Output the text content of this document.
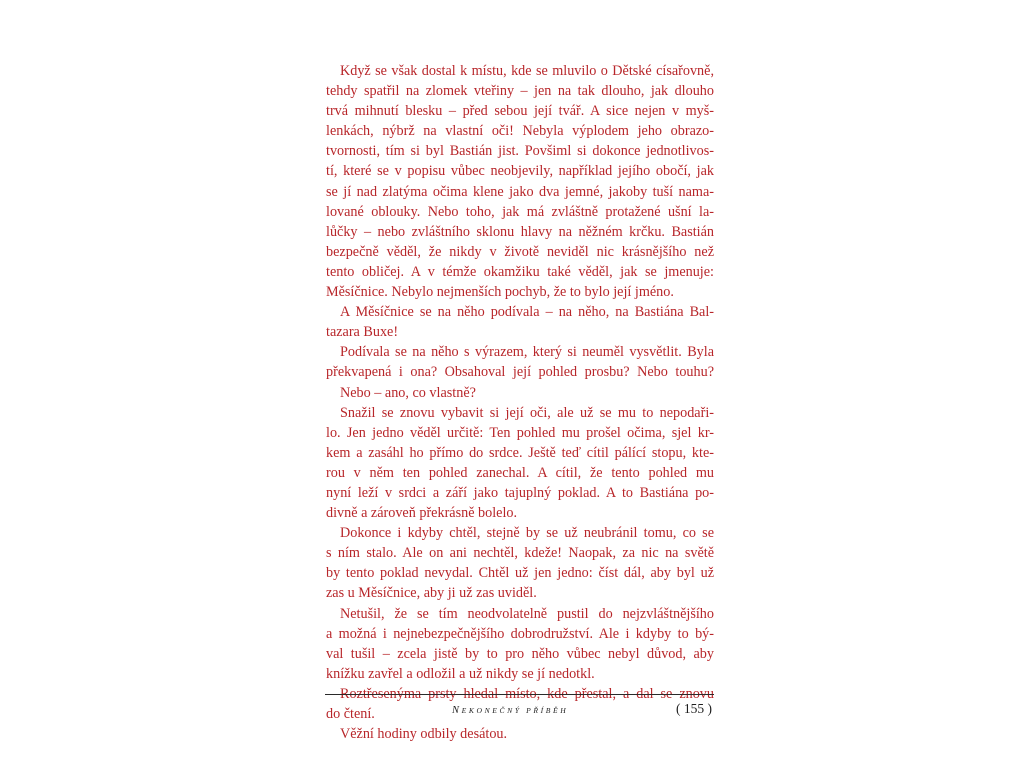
Když se však dostal k místu, kde se mluvilo o Dětské císařovně,
tehdy spatřil na zlomek vteřiny – jen na tak dlouho, jak dlouho
trvá mihnutí blesku – před sebou její tvář. A sice nejen v myš-
lenkách, nýbrž na vlastní oči! Nebyla výplodem jeho obrazo-
tvornosti, tím si byl Bastián jist. Povšiml si dokonce jednotlivos-
tí, které se v popisu vůbec neobjevily, například jejího obočí, jak
se jí nad zlatýma očima klene jako dva jemné, jakoby tuší nama-
lované oblouky. Nebo toho, jak má zvláštně protažené ušní la-
lůčky – nebo zvláštního sklonu hlavy na něžném krčku. Bastián
bezpečně věděl, že nikdy v životě neviděl nic krásnějšího než
tento obličej. A v témže okamžiku také věděl, jak se jmenuje:
Měsíčnice. Nebylo nejmenších pochyb, že to bylo její jméno.
A Měsíčnice se na něho podívala – na něho, na Bastiána Bal-
tazara Buxe!
Podívala se na něho s výrazem, který si neuměl vysvětlit. Byla
překvapená i ona? Obsahoval její pohled prosbu? Nebo touhu?
Nebo – ano, co vlastně?
Snažil se znovu vybavit si její oči, ale už se mu to nepodaři-
lo. Jen jedno věděl určitě: Ten pohled mu prošel očima, sjel kr-
kem a zasáhl ho přímo do srdce. Ještě teď cítil pálící stopu, kte-
rou v něm ten pohled zanechal. A cítil, že tento pohled mu
nyní leží v srdci a září jako tajuplný poklad. A to Bastiána po-
divně a zároveň překrásně bolelo.
Dokonce i kdyby chtěl, stejně by se už neubránil tomu, co se
s ním stalo. Ale on ani nechtěl, kdeže! Naopak, za nic na světě
by tento poklad nevydal. Chtěl už jen jedno: číst dál, aby byl už
zas u Měsíčnice, aby ji už zas uviděl.
Netušil, že se tím neodvolatelně pustil do nejzvláštnějšího
a možná i nejnebezpečnějšího dobrodružství. Ale i kdyby to bý-
val tušil – zcela jistě by to pro něho vůbec nebyl důvod, aby
knížku zavřel a odložil a už nikdy se jí nedotkl.
Roztřesenýma prsty hledal místo, kde přestal, a dal se znovu
do čtení.
Věžní hodiny odbily desátou.
NEKONEČNÝ PŘÍBĚH	( 155 )
